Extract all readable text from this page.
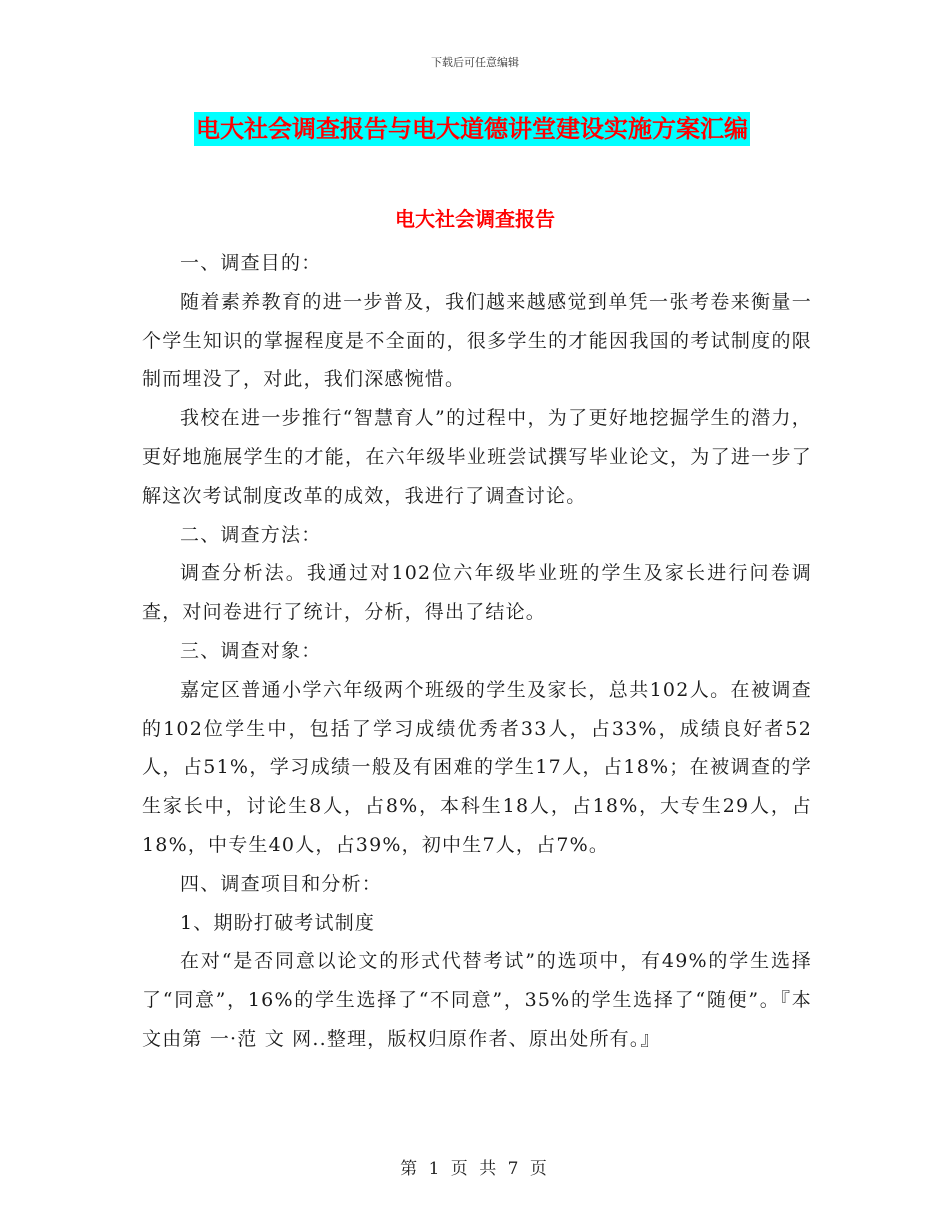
下载后可任意编辑
电大社会调查报告与电大道德讲堂建设实施方案汇编
电大社会调查报告

一、调查目的：

随着素养教育的进一步普及，我们越来越感觉到单凭一张考卷来衡量一个学生知识的掌握程度是不全面的，很多学生的才能因我国的考试制度的限制而埋没了，对此，我们深感惋惜。

我校在进一步推行“智慧育人”的过程中，为了更好地挖掘学生的潜力，更好地施展学生的才能，在六年级毕业班尝试撰写毕业论文，为了进一步了解这次考试制度改革的成效，我进行了调查讨论。

二、调查方法：

调查分析法。我通过对102位六年级毕业班的学生及家长进行问卷调查，对问卷进行了统计，分析，得出了结论。

三、调查对象：

嘉定区普通小学六年级两个班级的学生及家长，总共102人。在被调查的102位学生中，包括了学习成绩优秀者33人，占33%，成绩良好者52人，占51%，学习成绩一般及有困难的学生17人，占18%；在被调查的学生家长中，讨论生8人，占8%，本科生18人，占18%，大专生29人，占18%，中专生40人，占39%，初中生7人，占7%。

四、调查项目和分析：

1、期盼打破考试制度

在对“是否同意以论文的形式代替考试”的选项中，有49%的学生选择了“同意”，16%的学生选择了“不同意”，35%的学生选择了“随便”。『本文由第 一·范 文 网..整理，版权归原作者、原出处所有。』

第 1 页 共 7 页
